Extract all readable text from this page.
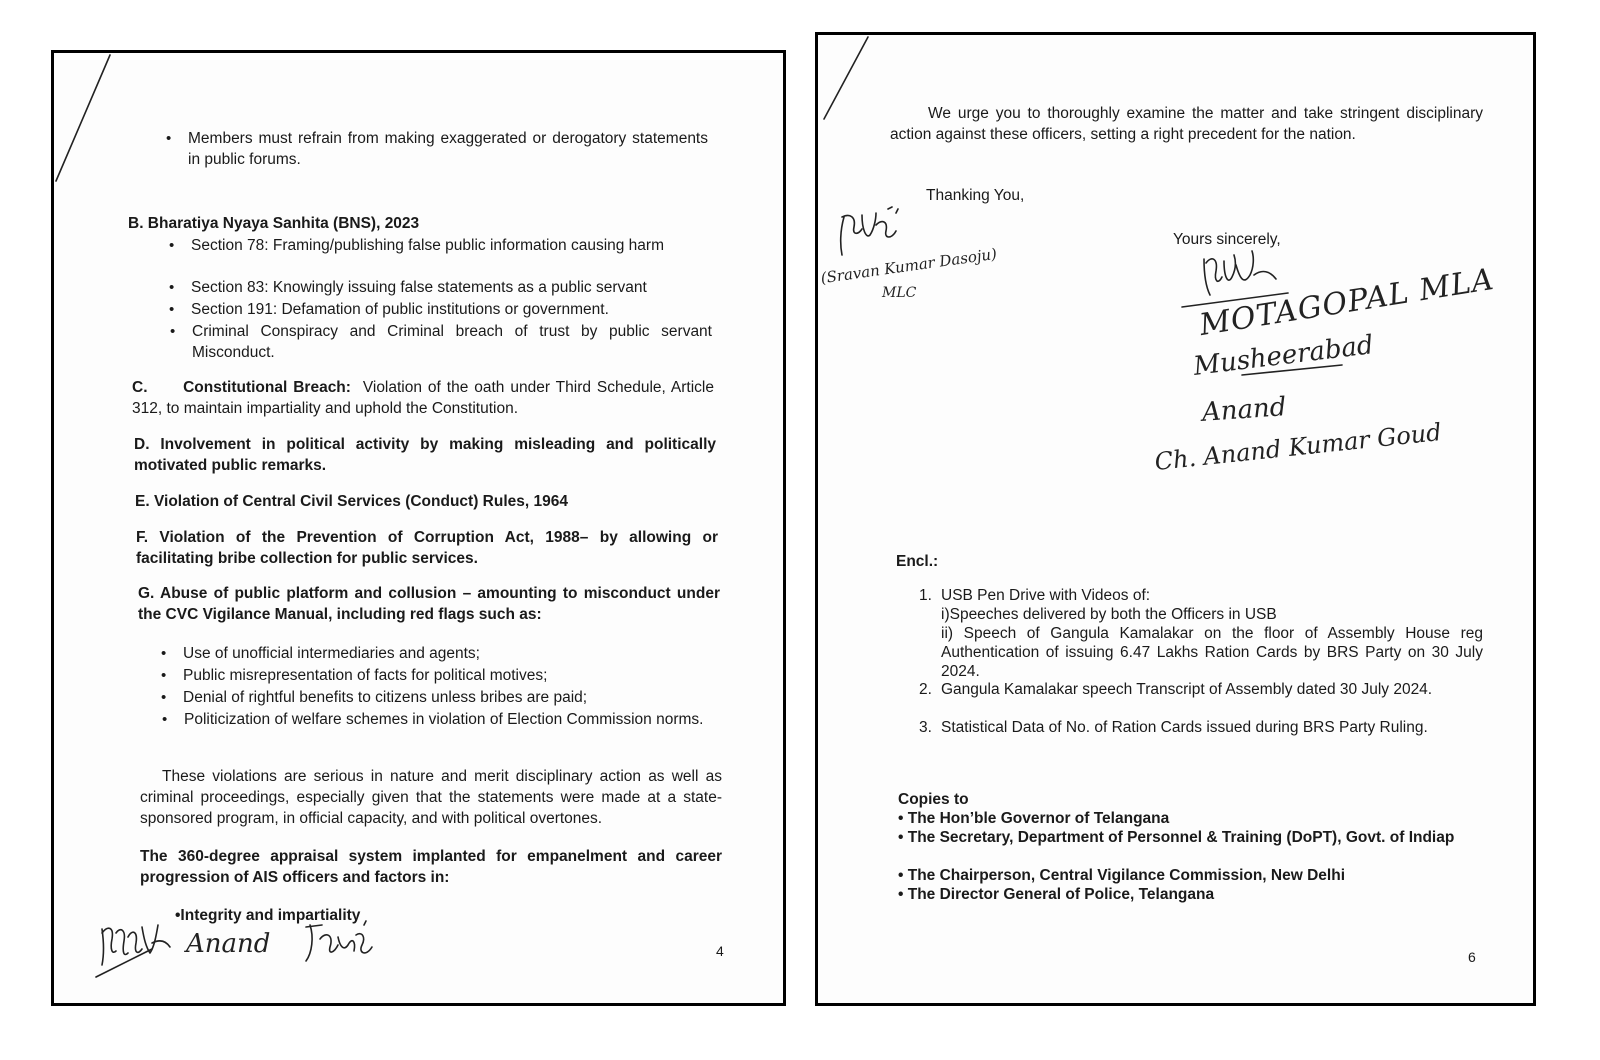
• Members must refrain from making exaggerated or derogatory statements in public forums.

B. Bharatiya Nyaya Sanhita (BNS), 2023

• Section 78: Framing/publishing false public information causing harm

• Section 83: Knowingly issuing false statements as a public servant

• Section 191: Defamation of public institutions or government.

• Criminal Conspiracy and Criminal breach of trust by public servant Misconduct.

C. Constitutional Breach: Violation of the oath under Third Schedule, Article 312, to maintain impartiality and uphold the Constitution.

D. Involvement in political activity by making misleading and politically motivated public remarks.

E. Violation of Central Civil Services (Conduct) Rules, 1964

F. Violation of the Prevention of Corruption Act, 1988– by allowing or facilitating bribe collection for public services.

G. Abuse of public platform and collusion – amounting to misconduct under the CVC Vigilance Manual, including red flags such as:

• Use of unofficial intermediaries and agents;

• Public misrepresentation of facts for political motives;

• Denial of rightful benefits to citizens unless bribes are paid;

• Politicization of welfare schemes in violation of Election Commission norms.

These violations are serious in nature and merit disciplinary action as well as criminal proceedings, especially given that the statements were made at a state-sponsored program, in official capacity, and with political overtones.

The 360-degree appraisal system implanted for empanelment and career progression of AIS officers and factors in:

•Integrity and impartiality

Anand	4

We urge you to thoroughly examine the matter and take stringent disciplinary action against these officers, setting a right precedent for the nation.

Thanking You,

(Sravan Kumar Dasoju)

MLC

Yours sincerely,

MOTAGOPAL MLA

Musheerabad

Anand

Ch. Anand Kumar Goud

Encl.:

1. USB Pen Drive with Videos of:
i)Speeches delivered by both the Officers in USB
ii) Speech of Gangula Kamalakar on the floor of Assembly House reg Authentication of issuing 6.47 Lakhs Ration Cards by BRS Party on 30 July 2024.
2. Gangula Kamalakar speech Transcript of Assembly dated 30 July 2024.
3. Statistical Data of No. of Ration Cards issued during BRS Party Ruling.

Copies to

• The Hon’ble Governor of Telangana

• The Secretary, Department of Personnel & Training (DoPT), Govt. of Indiap

• The Chairperson, Central Vigilance Commission, New Delhi

• The Director General of Police, Telangana

6
